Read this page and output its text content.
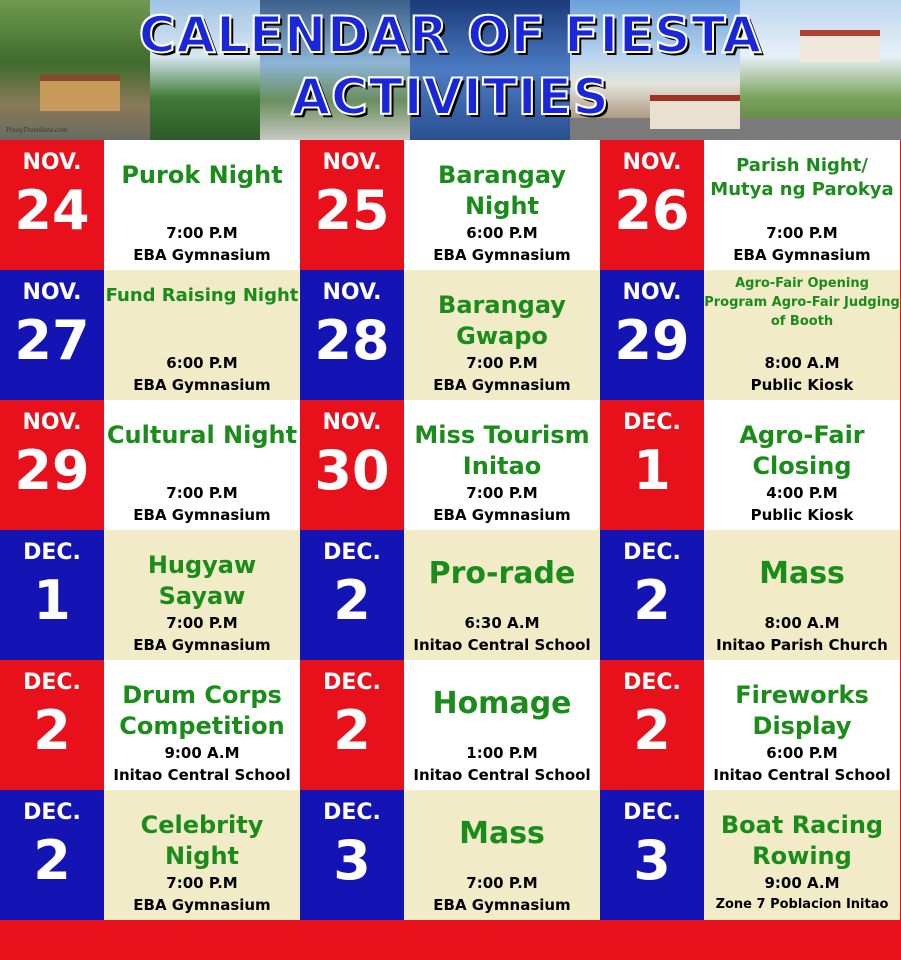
PinoyTravelista.com
CALENDAR OF FIESTA
ACTIVITIES
NOV.
24
Purok Night
7:00 P.M
EBA Gymnasium
NOV.
25
Barangay Night
6:00 P.M
EBA Gymnasium
NOV.
26
Parish Night/ Mutya ng Parokya
7:00 P.M
EBA Gymnasium
NOV.
27
Fund Raising Night
6:00 P.M
EBA Gymnasium
NOV.
28
Barangay Gwapo
7:00 P.M
EBA Gymnasium
NOV.
29
Agro-Fair Opening Program Agro-Fair Judging of Booth
8:00 A.M
Public Kiosk
NOV.
29
Cultural Night
7:00 P.M
EBA Gymnasium
NOV.
30
Miss Tourism Initao
7:00 P.M
EBA Gymnasium
DEC.
1
Agro-Fair Closing
4:00 P.M
Public Kiosk
DEC.
1
Hugyaw Sayaw
7:00 P.M
EBA Gymnasium
DEC.
2 Pro-rade
6:30 A.M
Initao Central School
DEC.
2	Mass
8:00 A.M
Initao Parish Church
DEC.
2
Drum Corps Competition
9:00 A.M
Initao Central School
DEC.
2 Homage
1:00 P.M
Initao Central School
DEC.
2
Fireworks Display
6:00 P.M
Initao Central School
DEC.
2
Celebrity Night
7:00 P.M
EBA Gymnasium
DEC.
3	Mass
7:00 P.M
EBA Gymnasium
DEC.
3
Boat Racing Rowing
9:00 A.M
Zone 7 Poblacion Initao
